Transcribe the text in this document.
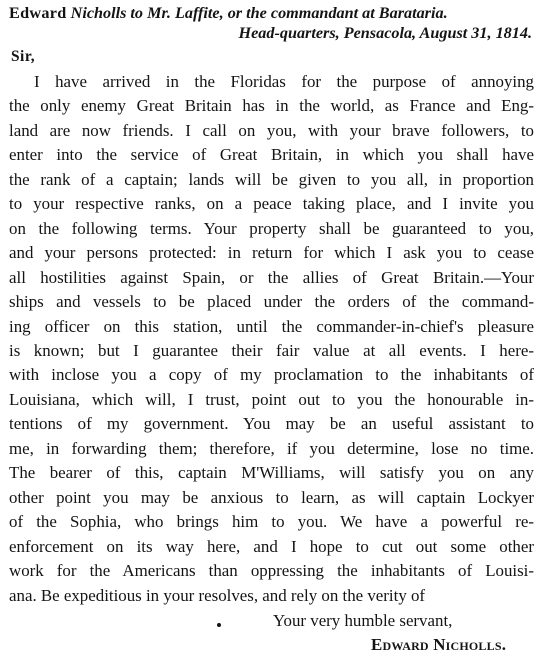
Edward Nicholls to Mr. Laffite, or the commandant at Barataria.

Head-quarters, Pensacola, August 31, 1814.

Sir,

I have arrived in the Floridas for the purpose of annoying
the only enemy Great Britain has in the world, as France and Eng-
land are now friends. I call on you, with your brave followers, to
enter into the service of Great Britain, in which you shall have
the rank of a captain; lands will be given to you all, in proportion
to your respective ranks, on a peace taking place, and I invite you
on the following terms. Your property shall be guaranteed to you,
and your persons protected: in return for which I ask you to cease
all hostilities against Spain, or the allies of Great Britain.—Your
ships and vessels to be placed under the orders of the command-
ing officer on this station, until the commander-in-chief's pleasure
is known; but I guarantee their fair value at all events. I here-
with inclose you a copy of my proclamation to the inhabitants of
Louisiana, which will, I trust, point out to you the honourable in-
tentions of my government. You may be an useful assistant to
me, in forwarding them; therefore, if you determine, lose no time.
The bearer of this, captain M'Williams, will satisfy you on any
other point you may be anxious to learn, as will captain Lockyer
of the Sophia, who brings him to you. We have a powerful re-
enforcement on its way here, and I hope to cut out some other
work for the Americans than oppressing the inhabitants of Louisi-
ana. Be expeditious in your resolves, and rely on the verity of
Your very humble servant,
Edward Nicholls.
